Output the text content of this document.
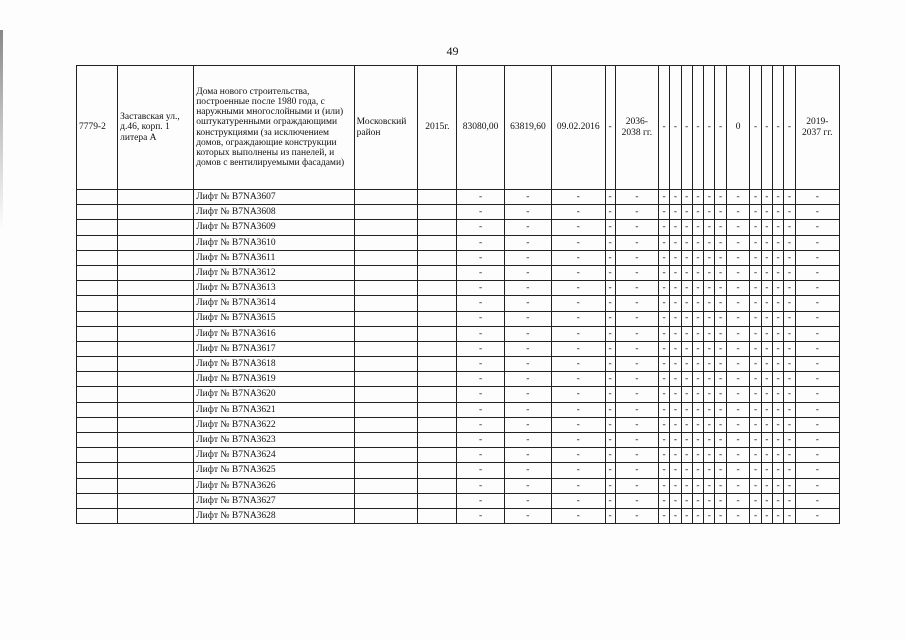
49
7779-2	Заставская ул., д.46, корп. 1 литера А	Дома нового строительства, построенные после 1980 года, с наружными многослойными и (или) оштукатуренными ограждающими конструкциями (за исключением домов, ограждающие конструкции которых выполнены из панелей, и домов с вентилируемыми фасадами)	Московский район	2015г.	83080,00	63819,60	09.02.2016	-	2036-2038 гг.	-	-	-	-	-	-	0	-	-	-	-	2019-2037 гг.
		Лифт № B7NA3607			-	-	-	-	-	-	-	-	-	-	-	-	-	-	-	-	-
		Лифт № B7NA3608			-	-	-	-	-	-	-	-	-	-	-	-	-	-	-	-	-
		Лифт № B7NA3609			-	-	-	-	-	-	-	-	-	-	-	-	-	-	-	-	-
		Лифт № B7NA3610			-	-	-	-	-	-	-	-	-	-	-	-	-	-	-	-	-
		Лифт № B7NA3611			-	-	-	-	-	-	-	-	-	-	-	-	-	-	-	-	-
		Лифт № B7NA3612			-	-	-	-	-	-	-	-	-	-	-	-	-	-	-	-	-
		Лифт № B7NA3613			-	-	-	-	-	-	-	-	-	-	-	-	-	-	-	-	-
		Лифт № B7NA3614			-	-	-	-	-	-	-	-	-	-	-	-	-	-	-	-	-
		Лифт № B7NA3615			-	-	-	-	-	-	-	-	-	-	-	-	-	-	-	-	-
		Лифт № B7NA3616			-	-	-	-	-	-	-	-	-	-	-	-	-	-	-	-	-
		Лифт № B7NA3617			-	-	-	-	-	-	-	-	-	-	-	-	-	-	-	-	-
		Лифт № B7NA3618			-	-	-	-	-	-	-	-	-	-	-	-	-	-	-	-	-
		Лифт № B7NA3619			-	-	-	-	-	-	-	-	-	-	-	-	-	-	-	-	-
		Лифт № B7NA3620			-	-	-	-	-	-	-	-	-	-	-	-	-	-	-	-	-
		Лифт № B7NA3621			-	-	-	-	-	-	-	-	-	-	-	-	-	-	-	-	-
		Лифт № B7NA3622			-	-	-	-	-	-	-	-	-	-	-	-	-	-	-	-	-
		Лифт № B7NA3623			-	-	-	-	-	-	-	-	-	-	-	-	-	-	-	-	-
		Лифт № B7NA3624			-	-	-	-	-	-	-	-	-	-	-	-	-	-	-	-	-
		Лифт № B7NA3625			-	-	-	-	-	-	-	-	-	-	-	-	-	-	-	-	-
		Лифт № B7NA3626			-	-	-	-	-	-	-	-	-	-	-	-	-	-	-	-	-
		Лифт № B7NA3627			-	-	-	-	-	-	-	-	-	-	-	-	-	-	-	-	-
		Лифт № B7NA3628			-	-	-	-	-	-	-	-	-	-	-	-	-	-	-	-	-
